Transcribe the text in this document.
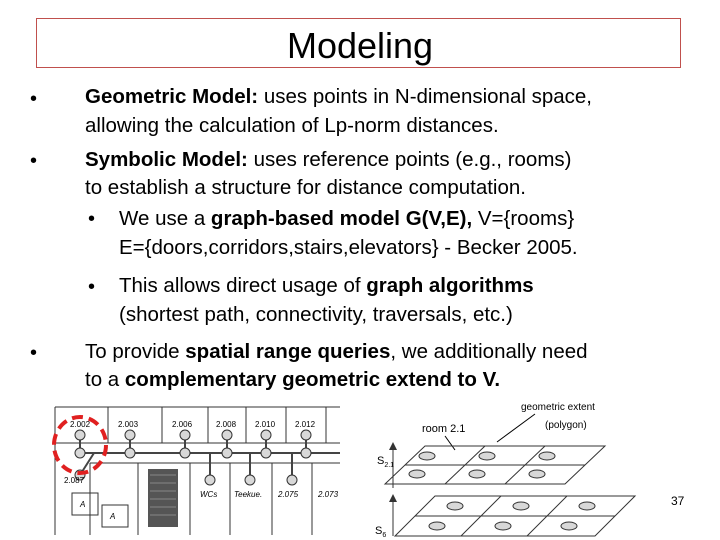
Modeling
• Geometric Model: uses points in N-dimensional space,
allowing the calculation of Lp-norm distances.
• Symbolic Model: uses reference points (e.g., rooms)
to establish a structure for distance computation.
• We use a graph-based model G(V,E), V={rooms}
E={doors,corridors,stairs,elevators} - Becker 2005.
• This allows direct usage of graph algorithms
(shortest path, connectivity, traversals, etc.)
• To provide spatial range queries, we additionally need
to a complementary geometric extend to V.
2.002	2.003	2.006	2.008 2.010 2.012
2.087
WCs Teekue. 2.075 2.073
A
A
geometric extent
(polygon)
room 2.1
$S_{2.1}$
$S_6$
37
